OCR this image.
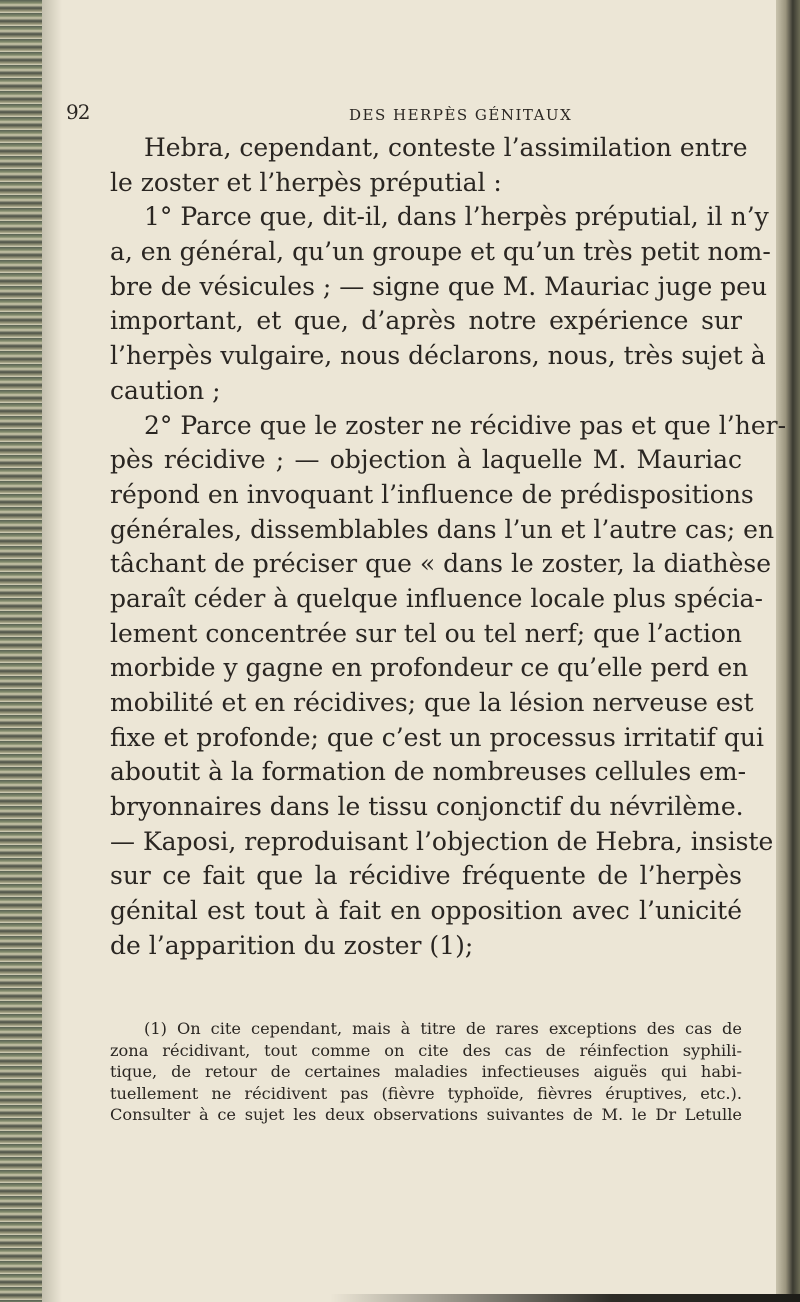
92	DES HERPÈS GÉNITAUX
Hebra, cependant, conteste l’assimilation entre
le zoster et l’herpès préputial :
1° Parce que, dit-il, dans l’herpès préputial, il n’y
a, en général, qu’un groupe et qu’un très petit nom-
bre de vésicules ; — signe que M. Mauriac juge peu
important, et que, d’après notre expérience sur
l’herpès vulgaire, nous déclarons, nous, très sujet à
caution ;
2° Parce que le zoster ne récidive pas et que l’her-
pès récidive ; — objection à laquelle M. Mauriac
répond en invoquant l’influence de prédispositions
générales, dissemblables dans l’un et l’autre cas; en
tâchant de préciser que « dans le zoster, la diathèse
paraît céder à quelque influence locale plus spécia-
lement concentrée sur tel ou tel nerf; que l’action
morbide y gagne en profondeur ce qu’elle perd en
mobilité et en récidives; que la lésion nerveuse est
fixe et profonde; que c’est un processus irritatif qui
aboutit à la formation de nombreuses cellules em-
bryonnaires dans le tissu conjonctif du névrilème.
— Kaposi, reproduisant l’objection de Hebra, insiste
sur ce fait que la récidive fréquente de l’herpès
génital est tout à fait en opposition avec l’unicité
de l’apparition du zoster (1);
(1) On cite cependant, mais à titre de rares exceptions des cas de
zona récidivant, tout comme on cite des cas de réinfection syphili-
tique, de retour de certaines maladies infectieuses aiguës qui habi-
tuellement ne récidivent pas (fièvre typhoïde, fièvres éruptives, etc.).
Consulter à ce sujet les deux observations suivantes de M. le Dr Letulle
